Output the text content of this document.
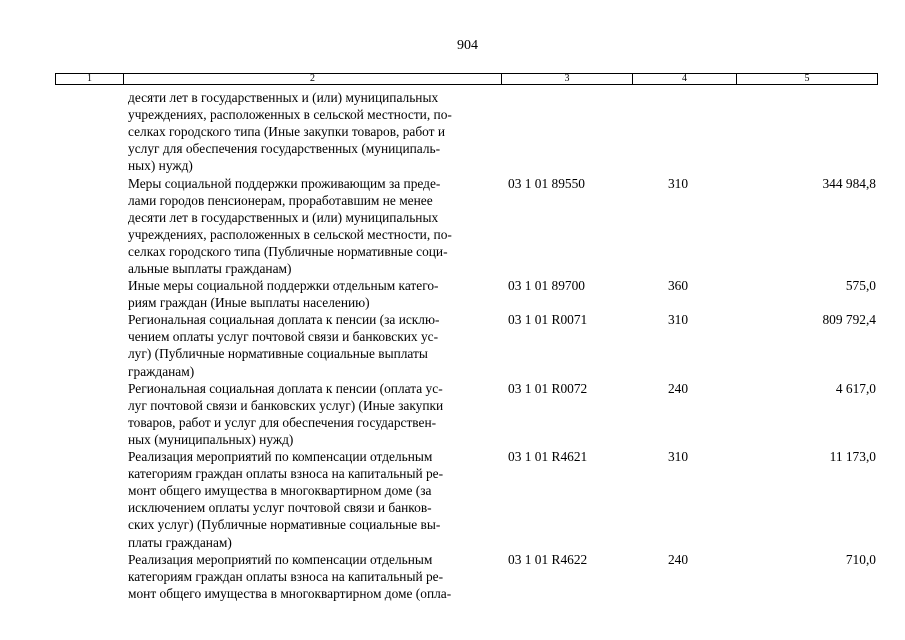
904
1	2	3	4	5
десяти лет в государственных и (или) муниципальных
учреждениях, расположенных в сельской местности, по-
селках городского типа (Иные закупки товаров, работ и
услуг для обеспечения государственных (муниципаль-
ных) нужд)
Меры социальной поддержки проживающим за преде-
лами городов пенсионерам, проработавшим не менее
десяти лет в государственных и (или) муниципальных
учреждениях, расположенных в сельской местности, по-
селках городского типа (Публичные нормативные соци-
альные выплаты гражданам)
03 1 01 89550	310	344 984,8
Иные меры социальной поддержки отдельным катего-
риям граждан (Иные выплаты населению)
03 1 01 89700	360	575,0
Региональная социальная доплата к пенсии (за исклю-
чением оплаты услуг почтовой связи и банковских ус-
луг) (Публичные нормативные социальные выплаты
гражданам)
03 1 01 R0071	310	809 792,4
Региональная социальная доплата к пенсии (оплата ус-
луг почтовой связи и банковских услуг) (Иные закупки
товаров, работ и услуг для обеспечения государствен-
ных (муниципальных) нужд)
03 1 01 R0072	240	4 617,0
Реализация мероприятий по компенсации отдельным
категориям граждан оплаты взноса на капитальный ре-
монт общего имущества в многоквартирном доме (за
исключением оплаты услуг почтовой связи и банков-
ских услуг) (Публичные нормативные социальные вы-
платы гражданам)
03 1 01 R4621	310	11 173,0
Реализация мероприятий по компенсации отдельным
категориям граждан оплаты взноса на капитальный ре-
монт общего имущества в многоквартирном доме (опла-
03 1 01 R4622	240	710,0
